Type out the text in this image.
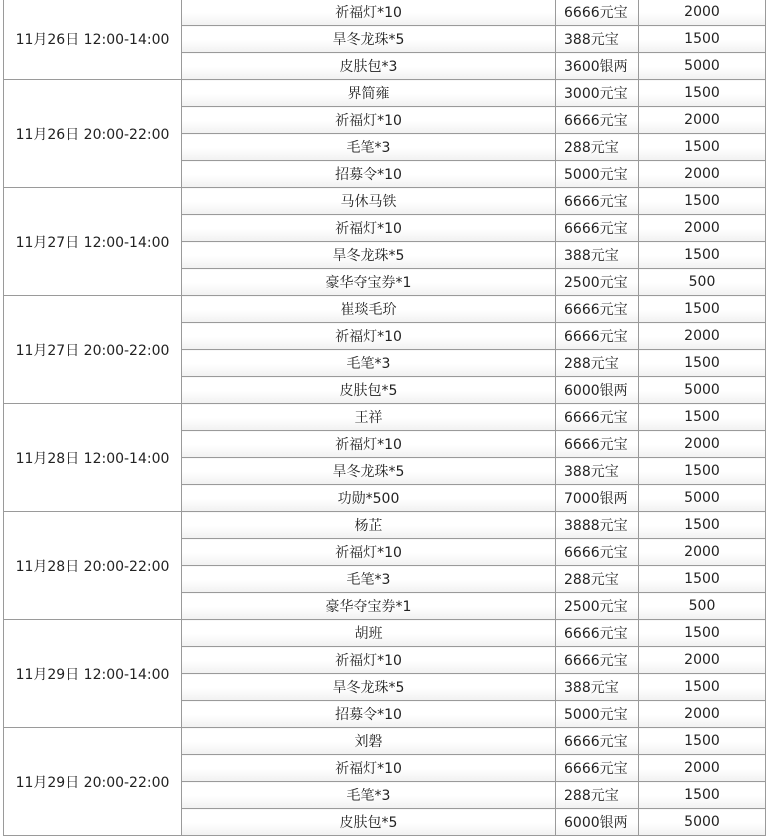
11月26日 12:00-14:00	祈福灯*10	6666元宝	2000
	旱冬龙珠*5	388元宝	1500
	皮肤包*3	3600银两	5000
11月26日 20:00-22:00	界简雍	3000元宝	1500
	祈福灯*10	6666元宝	2000
	毛笔*3	288元宝	1500
	招募令*10	5000元宝	2000
11月27日 12:00-14:00	马休马铁	6666元宝	1500
	祈福灯*10	6666元宝	2000
	旱冬龙珠*5	388元宝	1500
	豪华夺宝券*1	2500元宝	500
11月27日 20:00-22:00	崔琰毛玠	6666元宝	1500
	祈福灯*10	6666元宝	2000
	毛笔*3	288元宝	1500
	皮肤包*5	6000银两	5000
11月28日 12:00-14:00	王祥	6666元宝	1500
	祈福灯*10	6666元宝	2000
	旱冬龙珠*5	388元宝	1500
	功勋*500	7000银两	5000
11月28日 20:00-22:00	杨芷	3888元宝	1500
	祈福灯*10	6666元宝	2000
	毛笔*3	288元宝	1500
	豪华夺宝券*1	2500元宝	500
11月29日 12:00-14:00	胡班	6666元宝	1500
	祈福灯*10	6666元宝	2000
	旱冬龙珠*5	388元宝	1500
	招募令*10	5000元宝	2000
11月29日 20:00-22:00	刘磐	6666元宝	1500
	祈福灯*10	6666元宝	2000
	毛笔*3	288元宝	1500
	皮肤包*5	6000银两	5000
